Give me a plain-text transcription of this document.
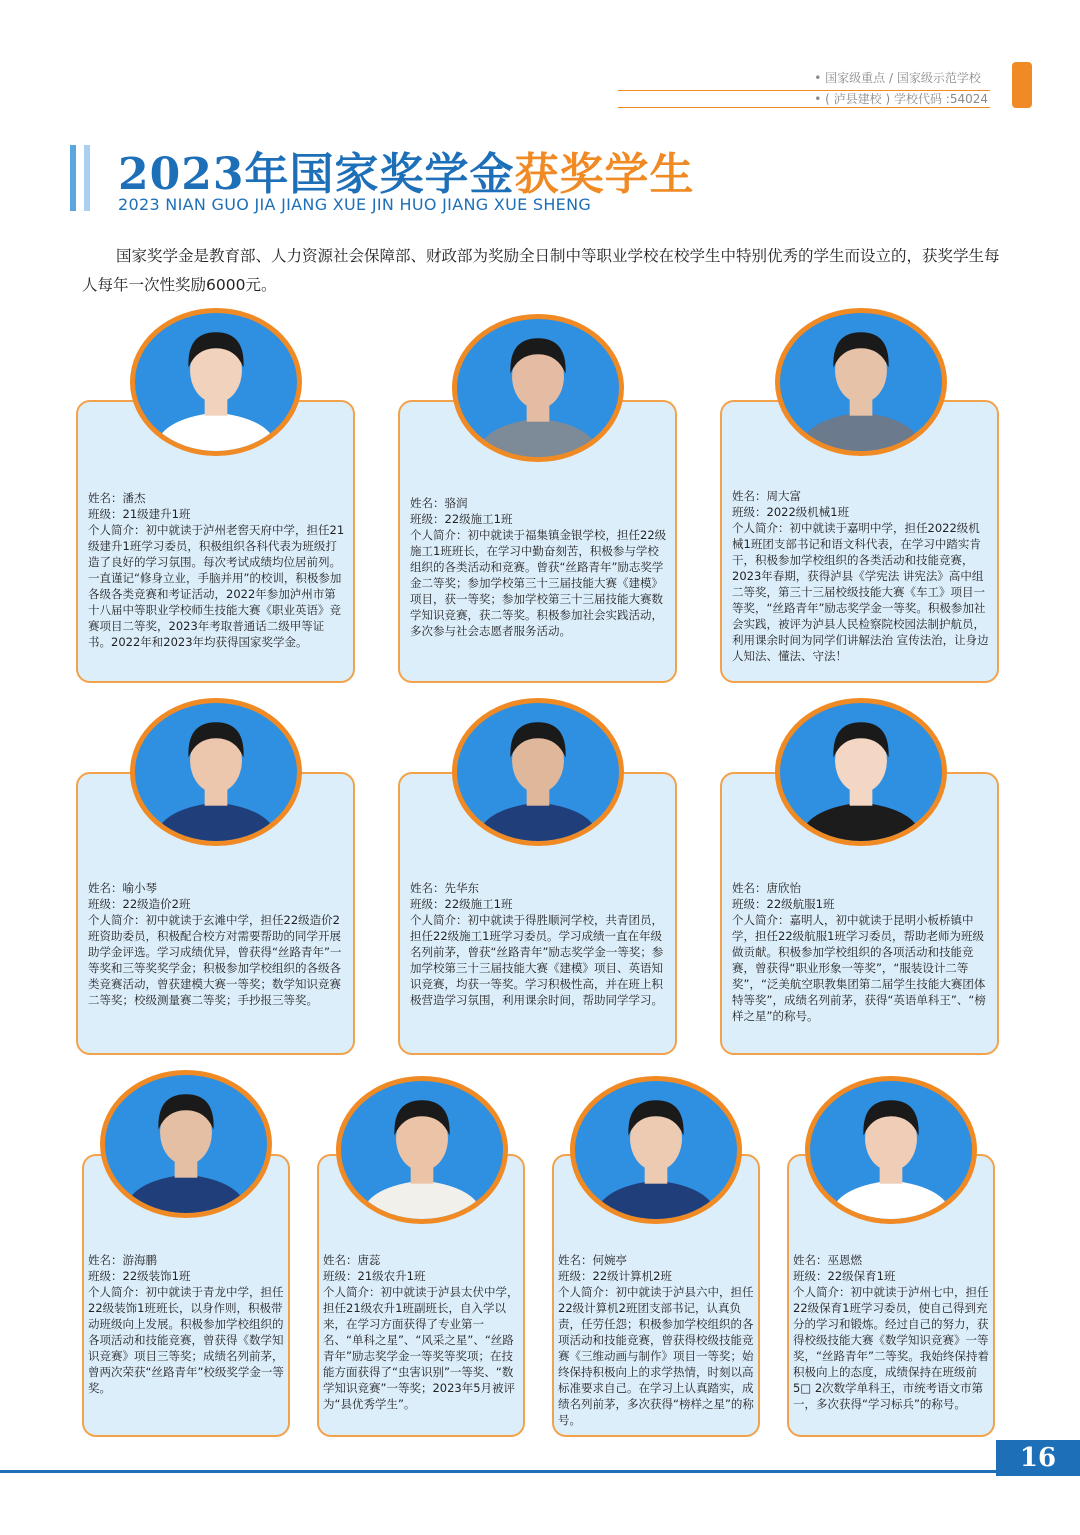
• 国家级重点 / 国家级示范学校
• ( 泸县建校 ) 学校代码 :54024
2023年国家奖学金获奖学生
2023 NIAN GUO JIA JIANG XUE JIN HUO JIANG XUE SHENG
国家奖学金是教育部、人力资源社会保障部、财政部为奖励全日制中等职业学校在校学生中特别优秀的学生而设立的，获奖学生每人每年一次性奖励6000元。
姓名：潘杰
班级：21级建升1班
个人简介：初中就读于泸州老窖天府中学，担任21级建升1班学习委员，积极组织各科代表为班级打造了良好的学习氛围。每次考试成绩均位居前列。一直谨记“修身立业，手脑并用”的校训，积极参加各级各类竞赛和考证活动，2022年参加泸州市第十八届中等职业学校师生技能大赛《职业英语》竞赛项目二等奖，2023年考取普通话二级甲等证书。2022年和2023年均获得国家奖学金。
姓名：骆润
班级：22级施工1班
个人简介：初中就读于福集镇金银学校，担任22级施工1班班长，在学习中勤奋刻苦，积极参与学校组织的各类活动和竞赛。曾获“丝路青年”励志奖学金二等奖；参加学校第三十三届技能大赛《建模》项目，获一等奖；参加学校第三十三届技能大赛数学知识竞赛，获二等奖。积极参加社会实践活动，多次参与社会志愿者服务活动。
姓名：周大富
班级：2022级机械1班
个人简介：初中就读于嘉明中学，担任2022级机械1班团支部书记和语文科代表，在学习中踏实肯干，积极参加学校组织的各类活动和技能竞赛，2023年春期，获得泸县《学宪法 讲宪法》高中组二等奖，第三十三届校级技能大赛《车工》项目一等奖，“丝路青年”励志奖学金一等奖。积极参加社会实践，被评为泸县人民检察院校园法制护航员，利用课余时间为同学们讲解法治 宣传法治，让身边人知法、懂法、守法！
姓名：喻小琴
班级：22级造价2班
个人简介：初中就读于玄滩中学，担任22级造价2班资助委员，积极配合校方对需要帮助的同学开展助学金评选。学习成绩优异，曾获得“丝路青年”一等奖和三等奖奖学金；积极参加学校组织的各级各类竞赛活动，曾获建模大赛一等奖；数学知识竞赛二等奖；校级测量赛二等奖；手抄报三等奖。
姓名：先华东
班级：22级施工1班
个人简介：初中就读于得胜顺河学校，共青团员，担任22级施工1班学习委员。学习成绩一直在年级名列前茅，曾获“丝路青年”励志奖学金一等奖；参加学校第三十三届技能大赛《建模》项目、英语知识竞赛，均获一等奖。学习积极性高，并在班上积极营造学习氛围，利用课余时间，帮助同学学习。
姓名：唐欣怡
班级：22级航服1班
个人简介：嘉明人，初中就读于昆明小板桥镇中学，担任22级航服1班学习委员，帮助老师为班级做贡献。积极参加学校组织的各项活动和技能竞赛，曾获得“职业形象一等奖”，“服装设计二等奖”，“泛美航空职教集团第二届学生技能大赛团体特等奖”，成绩名列前茅，获得“英语单科王”、“榜样之星”的称号。
姓名：游海鹏
班级：22级装饰1班
个人简介：初中就读于青龙中学，担任22级装饰1班班长，以身作则，积极带动班级向上发展。积极参加学校组织的各项活动和技能竞赛，曾获得《数学知识竞赛》项目三等奖；成绩名列前茅，曾两次荣获“丝路青年”校级奖学金一等奖。
姓名：唐蕊
班级：21级农升1班
个人简介：初中就读于泸县太伏中学，担任21级农升1班副班长，自入学以来，在学习方面获得了专业第一名、“单科之星”、“风采之星”、“丝路青年”励志奖学金一等奖等奖项；在技能方面获得了“虫害识别”一等奖、“数学知识竞赛”一等奖；2023年5月被评为“县优秀学生”。
姓名：何婉亭
班级：22级计算机2班
个人简介：初中就读于泸县六中，担任22级计算机2班团支部书记，认真负责，任劳任怨；积极参加学校组织的各项活动和技能竞赛，曾获得校级技能竞赛《三维动画与制作》项目一等奖；始终保持积极向上的求学热情，时刻以高标准要求自己。在学习上认真踏实，成绩名列前茅，多次获得“榜样之星”的称号。
姓名：巫恩燃
班级：22级保育1班
个人简介：初中就读于泸州七中，担任22级保育1班学习委员，使自己得到充分的学习和锻炼。经过自己的努力，获得校级技能大赛《数学知识竞赛》一等奖，“丝路青年”二等奖。我始终保持着积极向上的态度，成绩保持在班级前5□ 2次数学单科王，市统考语文市第一，多次获得“学习标兵”的称号。
16
